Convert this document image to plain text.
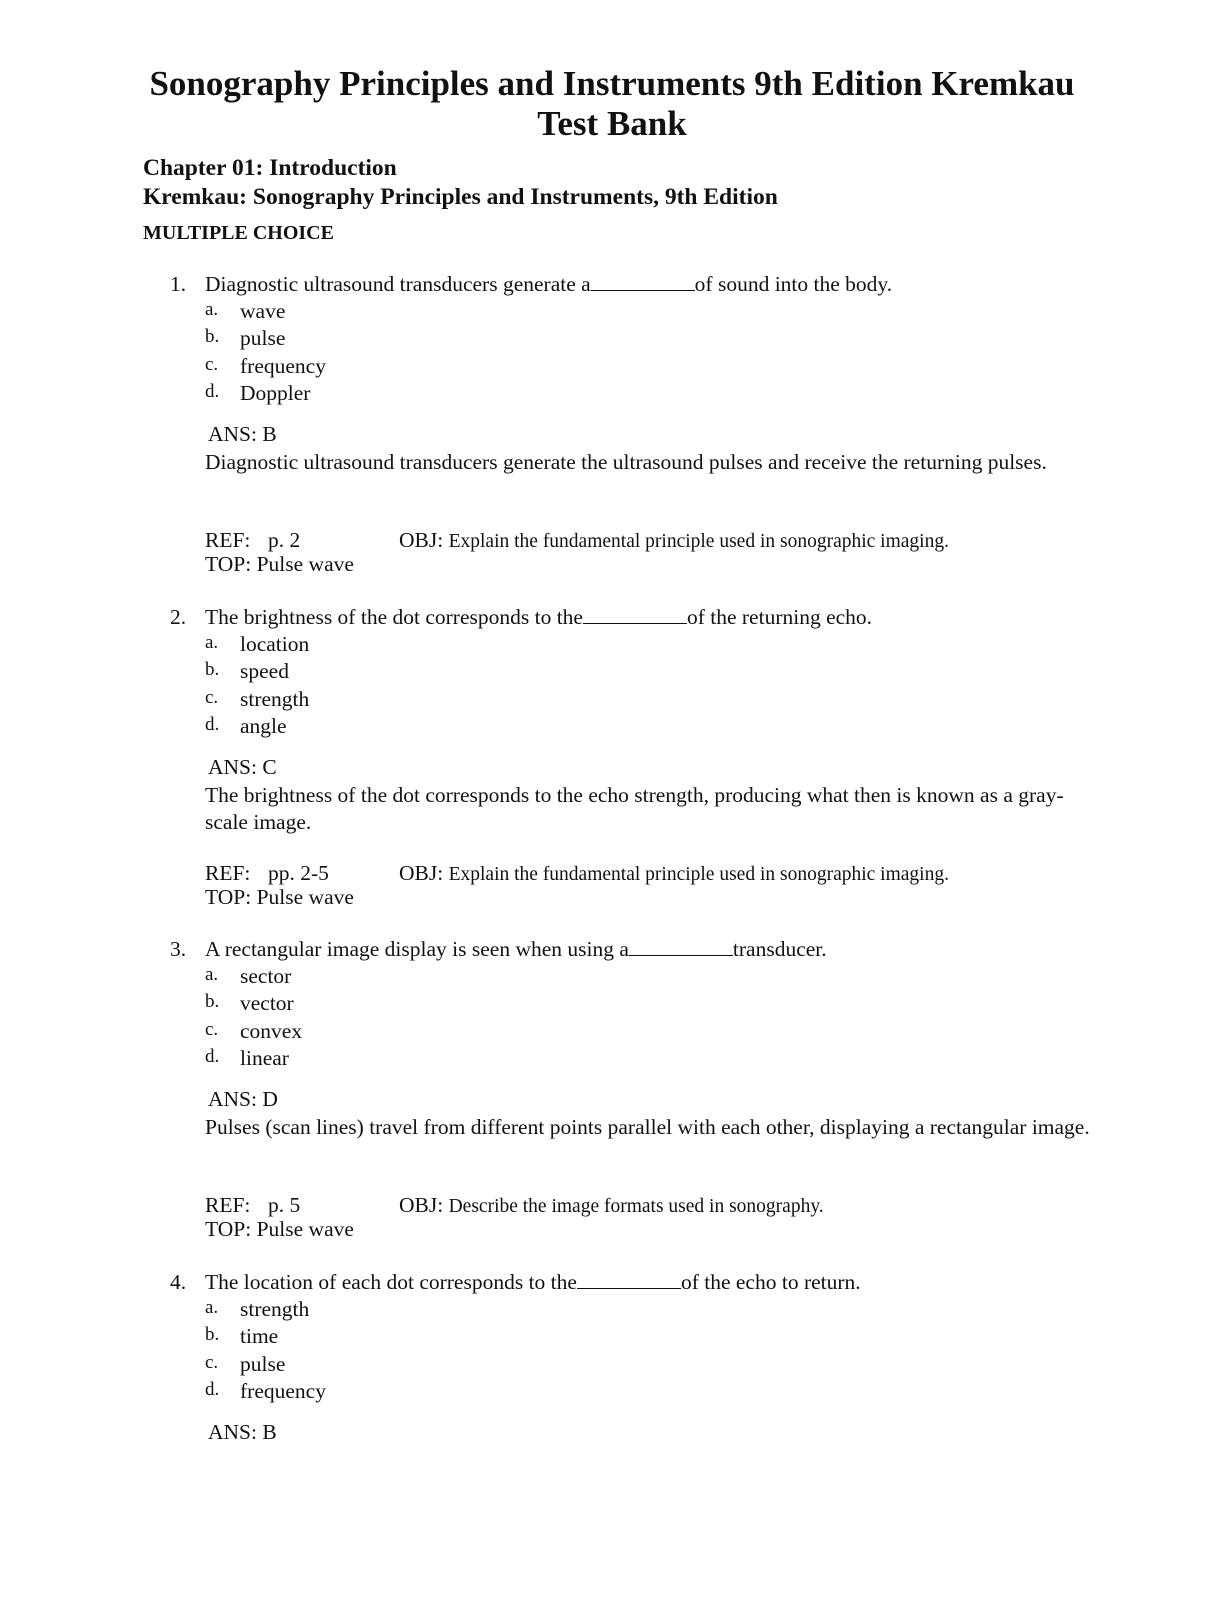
Sonography Principles and Instruments 9th Edition Kremkau
Test Bank
Chapter 01: Introduction
Kremkau: Sonography Principles and Instruments, 9th Edition
MULTIPLE CHOICE
1. Diagnostic ultrasound transducers generate a	of sound into the body.
a. wave
b. pulse
c. frequency
d. Doppler
ANS: B
Diagnostic ultrasound transducers generate the ultrasound pulses and receive the returning pulses.
REF: p. 2	OBJ: Explain the fundamental principle used in sonographic imaging.
TOP: Pulse wave
2. The brightness of the dot corresponds to the	of the returning echo.
a. location
b. speed
c. strength
d. angle
ANS: C
The brightness of the dot corresponds to the echo strength, producing what then is known as a gray-scale image.
REF: pp. 2-5	OBJ: Explain the fundamental principle used in sonographic imaging.
TOP: Pulse wave
3. A rectangular image display is seen when using a	transducer.
a. sector
b. vector
c. convex
d. linear
ANS: D
Pulses (scan lines) travel from different points parallel with each other, displaying a rectangular image.
REF: p. 5	OBJ: Describe the image formats used in sonography.
TOP: Pulse wave
4. The location of each dot corresponds to the	of the echo to return.
a. strength
b. time
c. pulse
d. frequency
ANS: B
